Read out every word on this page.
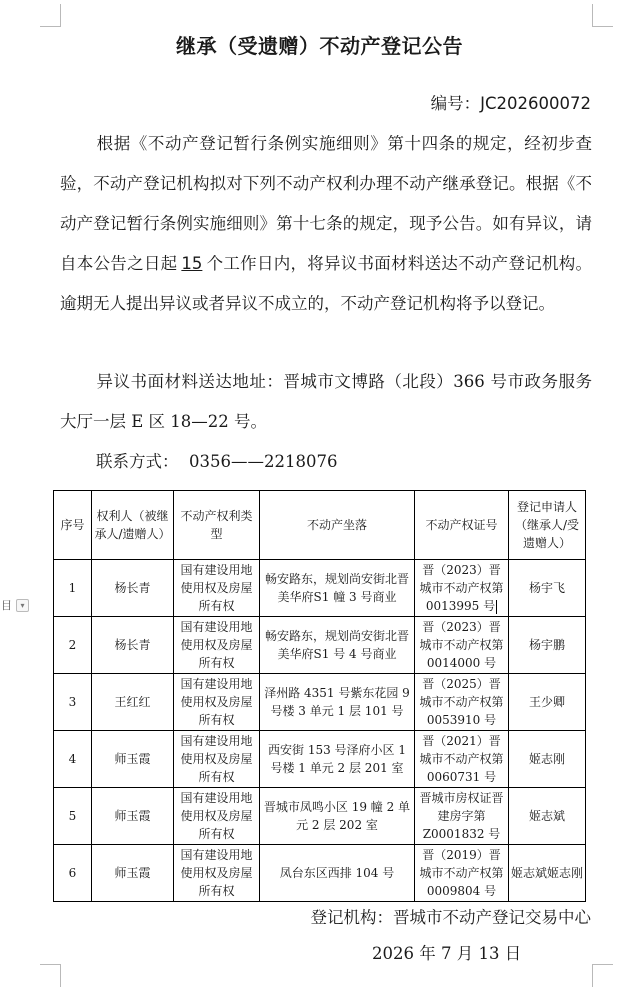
目	▾
继承（受遗赠）不动产登记公告
编号：JC202600072

根据《不动产登记暂行条例实施细则》第十四条的规定，经初步查验，不动产登记机构拟对下列不动产权利办理不动产继承登记。根据《不动产登记暂行条例实施细则》第十七条的规定，现予公告。如有异议，请自本公告之日起 15 个工作日内，将异议书面材料送达不动产登记机构。逾期无人提出异议或者异议不成立的，不动产登记机构将予以登记。

异议书面材料送达地址：晋城市文博路（北段）366 号市政务服务大厅一层 E 区 18—22 号。

联系方式：  0356——2218076

序号	权利人（被继承人/遗赠人）	不动产权利类型	不动产坐落	不动产权证号	登记申请人（继承人/受遗赠人）
1	杨长青	国有建设用地使用权及房屋所有权	畅安路东，规划尚安街北晋美华府S1 幢 3 号商业	晋（2023）晋城市不动产权第 0013995 号	杨宇飞
2	杨长青	国有建设用地使用权及房屋所有权	畅安路东，规划尚安街北晋美华府S1 号 4 号商业	晋（2023）晋城市不动产权第 0014000 号	杨宇鹏
3	王红红	国有建设用地使用权及房屋所有权	泽州路 4351 号紫东花园 9 号楼 3 单元 1 层 101 号	晋（2025）晋城市不动产权第 0053910 号	王少卿
4	师玉霞	国有建设用地使用权及房屋所有权	西安街 153 号泽府小区 1 号楼 1 单元 2 层 201 室	晋（2021）晋城市不动产权第 0060731 号	姬志刚
5	师玉霞	国有建设用地使用权及房屋所有权	晋城市凤鸣小区 19 幢 2 单元 2 层 202 室	晋城市房权证晋建房字第Z0001832 号	姬志斌
6	师玉霞	国有建设用地使用权及房屋所有权	凤台东区西排 104 号	晋（2019）晋城市不动产权第 0009804 号	姬志斌姬志刚
登记机构：晋城市不动产登记交易中心
2026 年 7 月 13 日
